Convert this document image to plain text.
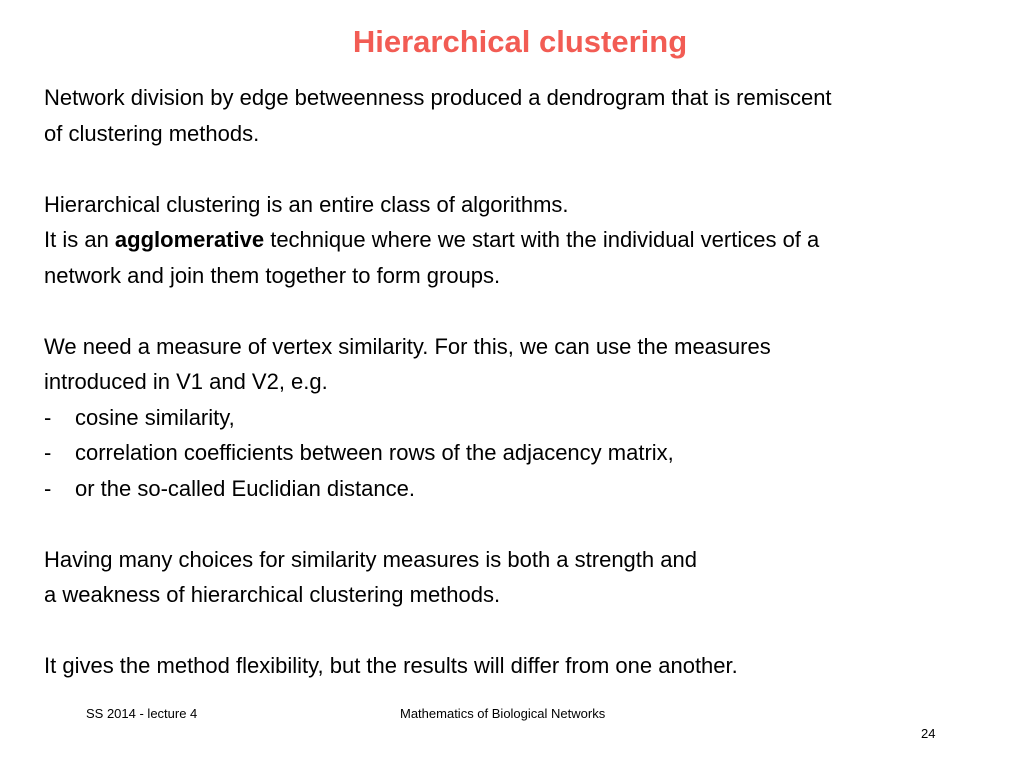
Hierarchical clustering

Network division by edge betweenness produced a dendrogram that is remiscent

of clustering methods.

Hierarchical clustering is an entire class of algorithms.

It is an agglomerative technique where we start with the individual vertices of a

network and join them together to form groups.

We need a measure of vertex similarity. For this, we can use the measures

introduced in V1 and V2, e.g.

-	cosine similarity,
-	correlation coefficients between rows of the adjacency matrix,
-	or the so-called Euclidian distance.

Having many choices for similarity measures is both a strength and

a weakness of hierarchical clustering methods.

It gives the method flexibility, but the results will differ from one another.

SS 2014 - lecture 4	Mathematics of Biological Networks
24
